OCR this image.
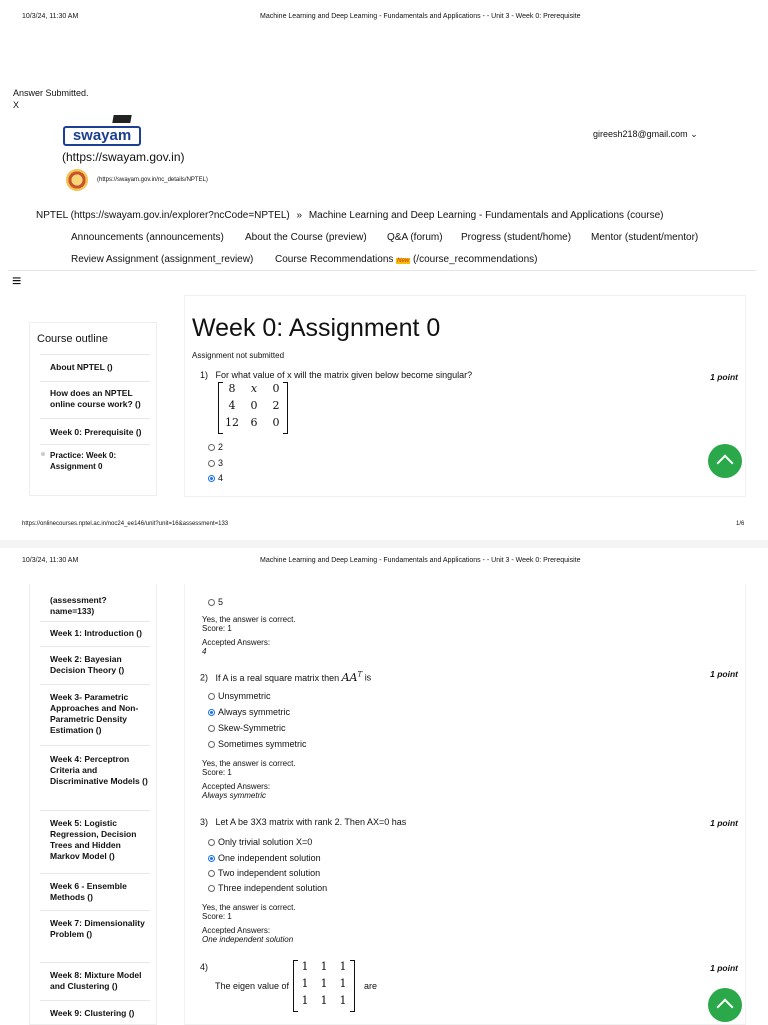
10/3/24, 11:30 AM	Machine Learning and Deep Learning - Fundamentals and Applications - - Unit 3 - Week 0: Prerequisite
Answer Submitted.
X
swayam
(https://swayam.gov.in)
(https://swayam.gov.in/nc_details/NPTEL)
gireesh218@gmail.com ⌄
NPTEL (https://swayam.gov.in/explorer?ncCode=NPTEL) » Machine Learning and Deep Learning - Fundamentals and Applications (course)
Announcements (announcements) About the Course (preview) Q&A (forum) Progress (student/home) Mentor (student/mentor)
Review Assignment (assignment_review) Course Recommendations New (/course_recommendations)
≡
Course outline
About NPTEL ()
How does an NPTEL online course work? ()
Week 0: Prerequisite ()
Practice: Week 0: Assignment 0
Week 0: Assignment 0
Assignment not submitted
1) For what value of x will the matrix given below become singular?	1 point
8	x	0
4	0	2
12	6	0
2
3
4
https://onlinecourses.nptel.ac.in/noc24_ee146/unit?unit=16&assessment=133	1/6
10/3/24, 11:30 AM	Machine Learning and Deep Learning - Fundamentals and Applications - - Unit 3 - Week 0: Prerequisite
(assessment? name=133)
Week 1: Introduction ()
Week 2: Bayesian Decision Theory ()
Week 3- Parametric Approaches and Non-Parametric Density Estimation ()
Week 4: Perceptron Criteria and Discriminative Models ()
Week 5: Logistic Regression, Decision Trees and Hidden Markov Model ()
Week 6 - Ensemble Methods ()
Week 7: Dimensionality Problem ()
Week 8: Mixture Model and Clustering ()
Week 9: Clustering ()
5
Yes, the answer is correct.
Score: 1
Accepted Answers:
4
2) If A is a real square matrix then $AA^T$ is	1 point
Unsymmetric
Always symmetric
Skew-Symmetric
Sometimes symmetric
Yes, the answer is correct.
Score: 1
Accepted Answers:
Always symmetric
3) Let A be 3X3 matrix with rank 2. Then AX=0 has	1 point
Only trivial solution X=0
One independent solution
Two independent solution
Three independent solution
Yes, the answer is correct.
Score: 1
Accepted Answers:
One independent solution
4)	1 point
The eigen value of
1	1	1
1	1	1
1	1	1
are
